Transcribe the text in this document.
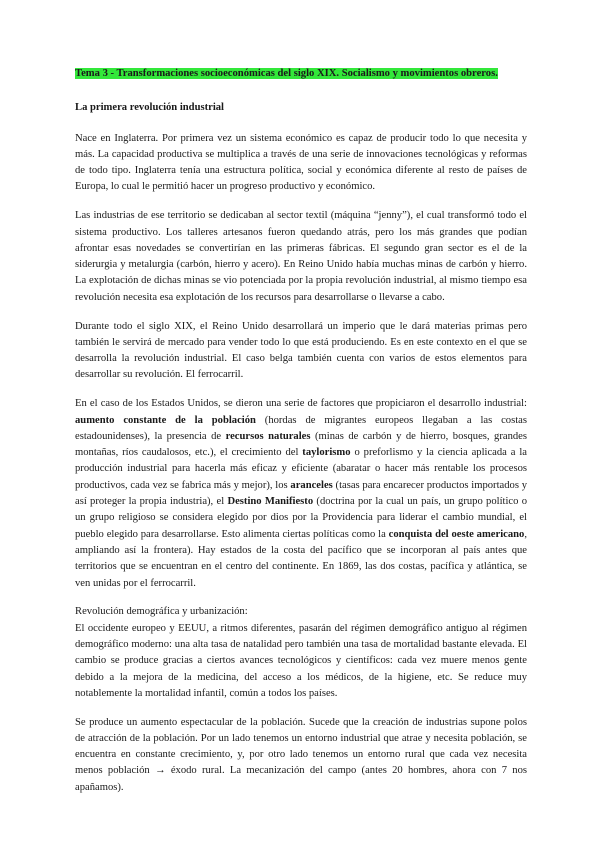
Tema 3 - Transformaciones socioeconómicas del siglo XIX. Socialismo y movimientos obreros.

La primera revolución industrial

Nace en Inglaterra. Por primera vez un sistema económico es capaz de producir todo lo que necesita y más. La capacidad productiva se multiplica a través de una serie de innovaciones tecnológicas y reformas de todo tipo. Inglaterra tenía una estructura política, social y económica diferente al resto de países de Europa, lo cual le permitió hacer un progreso productivo y económico.

Las industrias de ese territorio se dedicaban al sector textil (máquina “jenny”), el cual transformó todo el sistema productivo. Los talleres artesanos fueron quedando atrás, pero los más grandes que podían afrontar esas novedades se convertirían en las primeras fábricas. El segundo gran sector es el de la siderurgia y metalurgia (carbón, hierro y acero). En Reino Unido había muchas minas de carbón y hierro. La explotación de dichas minas se vio potenciada por la propia revolución industrial, al mismo tiempo esa revolución necesita esa explotación de los recursos para desarrollarse o llevarse a cabo.

Durante todo el siglo XIX, el Reino Unido desarrollará un imperio que le dará materias primas pero también le servirá de mercado para vender todo lo que está produciendo. Es en este contexto en el que se desarrolla la revolución industrial. El caso belga también cuenta con varios de estos elementos para desarrollar su revolución. El ferrocarril.

En el caso de los Estados Unidos, se dieron una serie de factores que propiciaron el desarrollo industrial: aumento constante de la población (hordas de migrantes europeos llegaban a las costas estadounidenses), la presencia de recursos naturales (minas de carbón y de hierro, bosques, grandes montañas, ríos caudalosos, etc.), el crecimiento del taylorismo o preforlismo y la ciencia aplicada a la producción industrial para hacerla más eficaz y eficiente (abaratar o hacer más rentable los procesos productivos, cada vez se fabrica más y mejor), los aranceles (tasas para encarecer productos importados y así proteger la propia industria), el Destino Manifiesto (doctrina por la cual un país, un grupo político o un grupo religioso se considera elegido por dios por la Providencia para liderar el cambio mundial, el pueblo elegido para desarrollarse. Esto alimenta ciertas políticas como la conquista del oeste americano, ampliando así la frontera). Hay estados de la costa del pacífico que se incorporan al país antes que territorios que se encuentran en el centro del continente. En 1869, las dos costas, pacífica y atlántica, se ven unidas por el ferrocarril.

Revolución demográfica y urbanización:

El occidente europeo y EEUU, a ritmos diferentes, pasarán del régimen demográfico antiguo al régimen demográfico moderno: una alta tasa de natalidad pero también una tasa de mortalidad bastante elevada. El cambio se produce gracias a ciertos avances tecnológicos y científicos: cada vez muere menos gente debido a la mejora de la medicina, del acceso a los médicos, de la higiene, etc. Se reduce muy notablemente la mortalidad infantil, común a todos los países.

Se produce un aumento espectacular de la población. Sucede que la creación de industrias supone polos de atracción de la población. Por un lado tenemos un entorno industrial que atrae y necesita población, se encuentra en constante crecimiento, y, por otro lado tenemos un entorno rural que cada vez necesita menos población → éxodo rural. La mecanización del campo (antes 20 hombres, ahora con 7 nos apañamos).
